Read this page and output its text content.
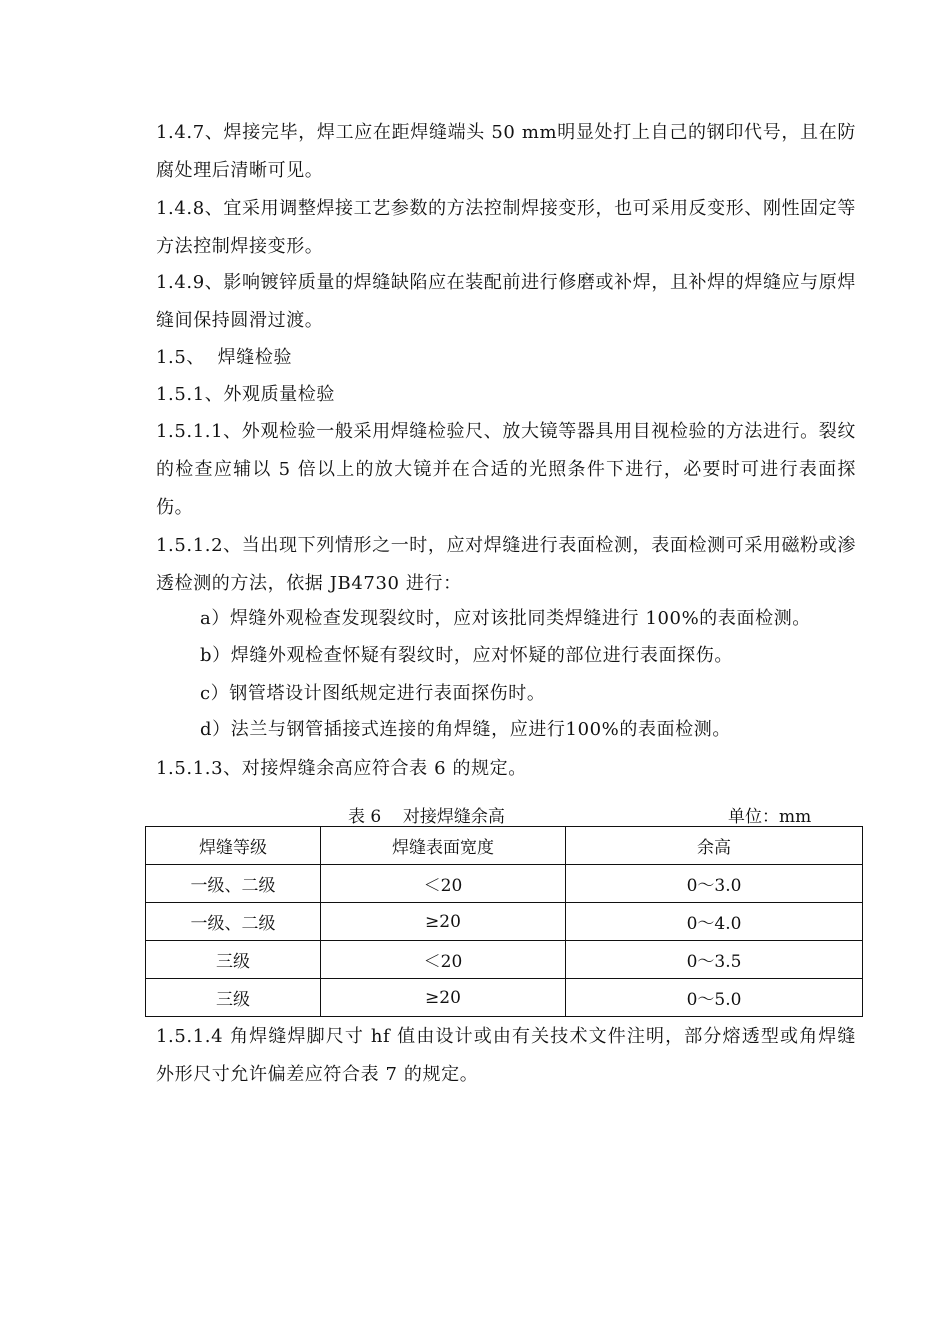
1.4.7、焊接完毕，焊工应在距焊缝端头 50 mm明显处打上自己的钢印代号，且在防腐处理后清晰可见。
1.4.8、宜采用调整焊接工艺参数的方法控制焊接变形，也可采用反变形、刚性固定等方法控制焊接变形。
1.4.9、影响镀锌质量的焊缝缺陷应在装配前进行修磨或补焊，且补焊的焊缝应与原焊缝间保持圆滑过渡。
1.5、  焊缝检验
1.5.1、外观质量检验
1.5.1.1、外观检验一般采用焊缝检验尺、放大镜等器具用目视检验的方法进行。裂纹的检查应辅以 5 倍以上的放大镜并在合适的光照条件下进行，必要时可进行表面探伤。
1.5.1.2、当出现下列情形之一时，应对焊缝进行表面检测，表面检测可采用磁粉或渗透检测的方法，依据 JB4730 进行：
a）焊缝外观检查发现裂纹时，应对该批同类焊缝进行 100%的表面检测。
b）焊缝外观检查怀疑有裂纹时，应对怀疑的部位进行表面探伤。
c）钢管塔设计图纸规定进行表面探伤时。
d）法兰与钢管插接式连接的角焊缝，应进行100%的表面检测。
1.5.1.3、对接焊缝余高应符合表 6 的规定。
表 6    对接焊缝余高	单位：mm
焊缝等级	焊缝表面宽度	余高
一级、二级	＜20	0～3.0
一级、二级	≥20	0～4.0
三级	＜20	0～3.5
三级	≥20	0～5.0
1.5.1.4 角焊缝焊脚尺寸 hf 值由设计或由有关技术文件注明，部分熔透型或角焊缝外形尺寸允许偏差应符合表 7 的规定。
